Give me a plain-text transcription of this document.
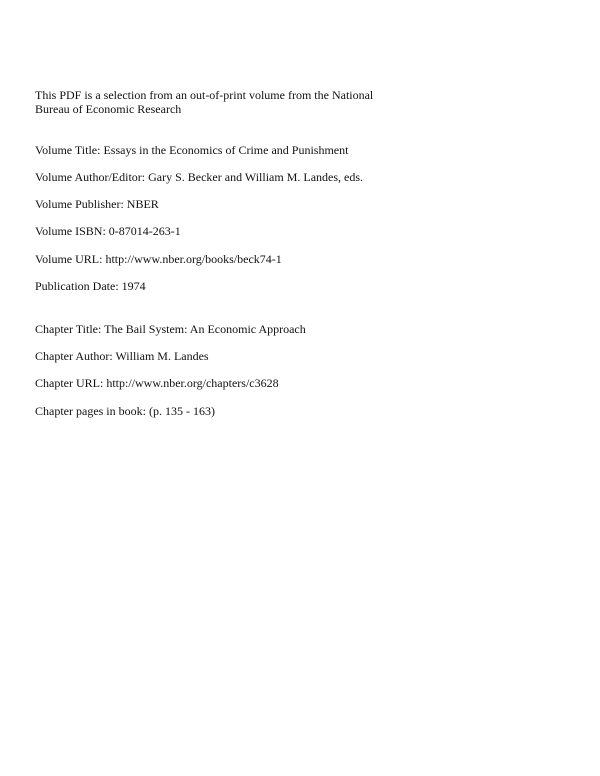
This PDF is a selection from an out-of-print volume from the National
Bureau of Economic Research
Volume Title: Essays in the Economics of Crime and Punishment
Volume Author/Editor: Gary S. Becker and William M. Landes, eds.
Volume Publisher: NBER
Volume ISBN: 0-87014-263-1
Volume URL: http://www.nber.org/books/beck74-1
Publication Date: 1974
Chapter Title: The Bail System: An Economic Approach
Chapter Author: William M. Landes
Chapter URL: http://www.nber.org/chapters/c3628
Chapter pages in book: (p. 135 - 163)
